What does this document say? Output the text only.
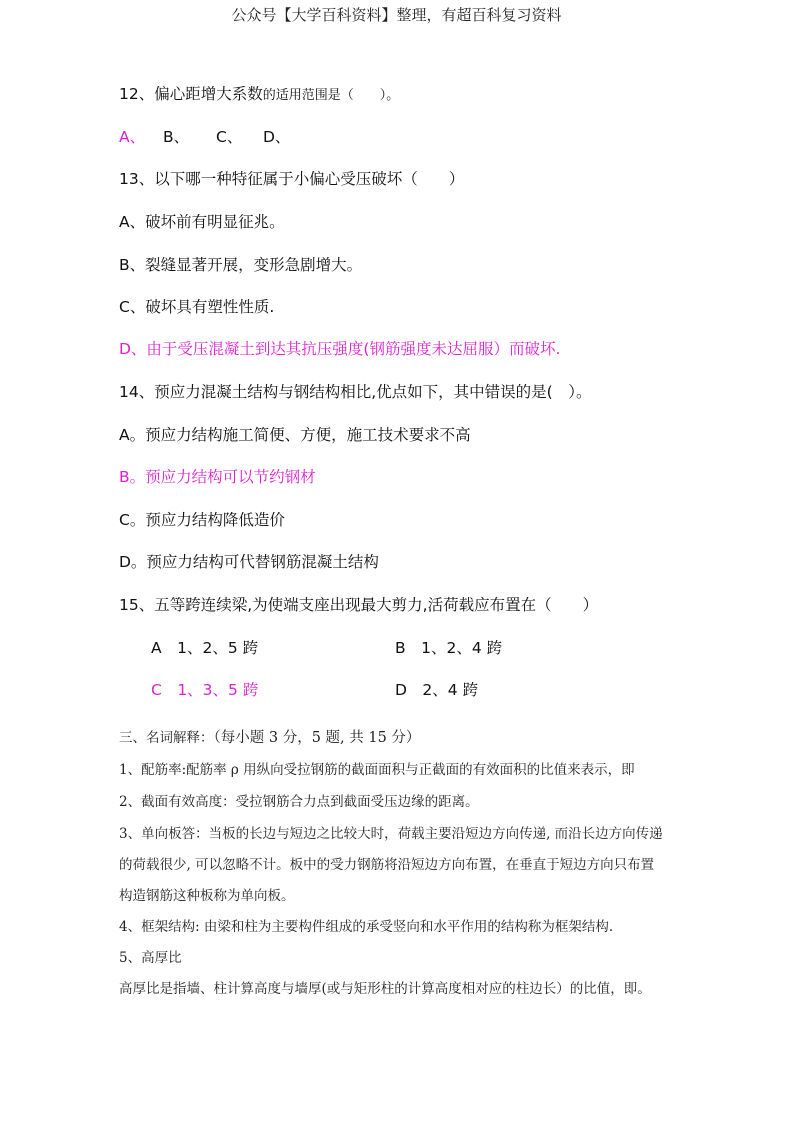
公众号【大学百科资料】整理，有超百科复习资料
12、偏心距增大系数的适用范围是（　　）。
A、 B、 C、 D、
13、以下哪一种特征属于小偏心受压破坏（　　）
A、破坏前有明显征兆。
B、裂缝显著开展，变形急剧增大。
C、破坏具有塑性性质.
D、由于受压混凝土到达其抗压强度(钢筋强度未达屈服）而破坏.
14、预应力混凝土结构与钢结构相比,优点如下，其中错误的是(　）。
A。预应力结构施工简便、方便，施工技术要求不高
B。预应力结构可以节约钢材
C。预应力结构降低造价
D。预应力结构可代替钢筋混凝土结构
15、五等跨连续梁,为使端支座出现最大剪力,活荷载应布置在（　　）
A　1、2、5 跨	B　1、2、4 跨
C　1、3、5 跨	D　2、4 跨
三、名词解释：（每小题 3 分，5 题, 共 15 分）
1、配筋率:配筋率 ρ 用纵向受拉钢筋的截面面积与正截面的有效面积的比值来表示，即
2、截面有效高度：受拉钢筋合力点到截面受压边缘的距离。
3、单向板答：当板的长边与短边之比较大时，荷载主要沿短边方向传递, 而沿长边方向传递
的荷载很少, 可以忽略不计。板中的受力钢筋将沿短边方向布置，在垂直于短边方向只布置
构造钢筋这种板称为单向板。
4、框架结构: 由梁和柱为主要构件组成的承受竖向和水平作用的结构称为框架结构.
5、高厚比
高厚比是指墙、柱计算高度与墙厚(或与矩形柱的计算高度相对应的柱边长）的比值，即。
